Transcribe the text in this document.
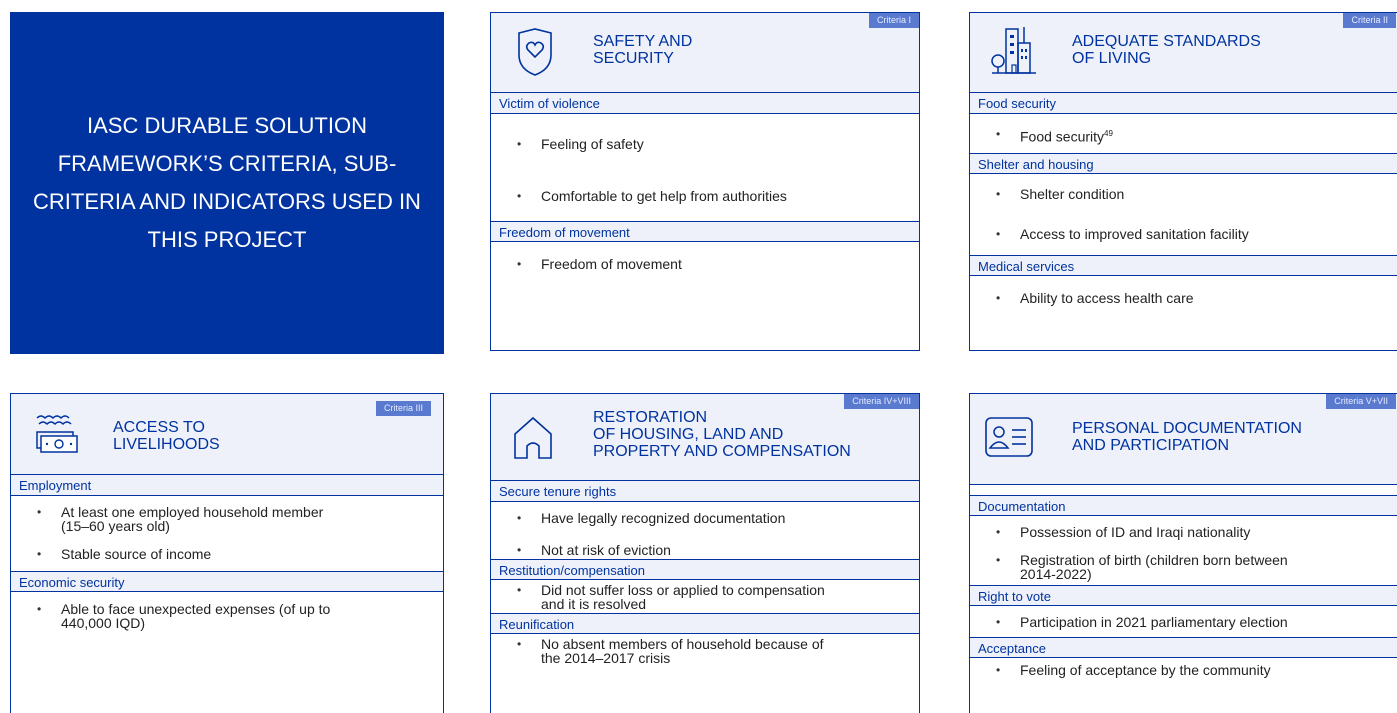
IASC DURABLE SOLUTION FRAMEWORK’S CRITERIA, SUB-CRITERIA AND INDICATORS USED IN THIS PROJECT
Criteria I
SAFETY AND
SECURITY
Victim of violence
• Feeling of safety
• Comfortable to get help from authorities
Freedom of movement
• Freedom of movement
Criteria II
ADEQUATE STANDARDS
OF LIVING
Food security
• Food security$^{49}$
Shelter and housing
• Shelter condition
• Access to improved sanitation facility
Medical services
• Ability to access health care
Criteria III
ACCESS TO
LIVELIHOODS
Employment
• At least one employed household member
(15–60 years old)
• Stable source of income
Economic security
• Able to face unexpected expenses (of up to
440,000 IQD)
Criteria IV+VIII
RESTORATION
OF HOUSING, LAND AND
PROPERTY AND COMPENSATION
Secure tenure rights
• Have legally recognized documentation
• Not at risk of eviction
Restitution/compensation
• Did not suffer loss or applied to compensation
and it is resolved
Reunification
• No absent members of household because of
the 2014–2017 crisis
Criteria V+VII
PERSONAL DOCUMENTATION
AND PARTICIPATION
Documentation
• Possession of ID and Iraqi nationality
• Registration of birth (children born between
2014-2022)
Right to vote
• Participation in 2021 parliamentary election
Acceptance
• Feeling of acceptance by the community
